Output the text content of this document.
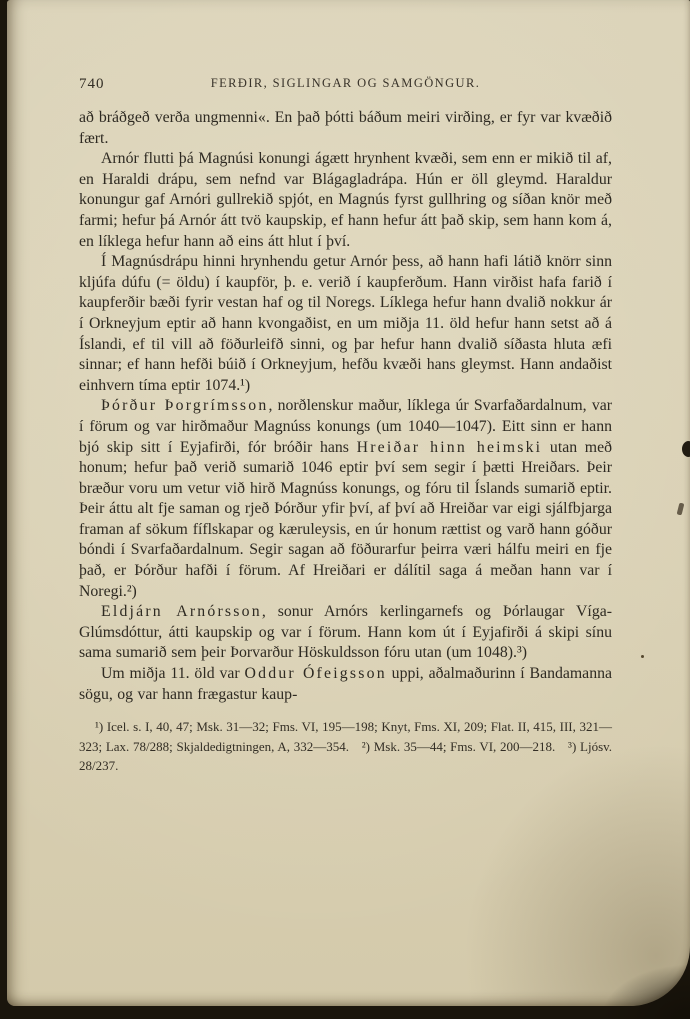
740	FERÐIR, SIGLINGAR OG SAMGÖNGUR.

að bráðgeð verða ungmenni«. En það þótti báðum meiri virðing, er fyr var kvæðið fært.

Arnór flutti þá Magnúsi konungi ágætt hrynhent kvæði, sem enn er mikið til af, en Haraldi drápu, sem nefnd var Blágagladrápa. Hún er öll gleymd. Haraldur konungur gaf Arnóri gullrekið spjót, en Magnús fyrst gullhring og síðan knör með farmi; hefur þá Arnór átt tvö kaupskip, ef hann hefur átt það skip, sem hann kom á, en líklega hefur hann að eins átt hlut í því.

Í Magnúsdrápu hinni hrynhendu getur Arnór þess, að hann hafi látið knörr sinn kljúfa dúfu (= öldu) í kaupför, þ. e. verið í kaupferðum. Hann virðist hafa farið í kaupferðir bæði fyrir vestan haf og til Noregs. Líklega hefur hann dvalið nokkur ár í Orkneyjum eptir að hann kvongaðist, en um miðja 11. öld hefur hann setst að á Íslandi, ef til vill að föðurleifð sinni, og þar hefur hann dvalið síðasta hluta æfi sinnar; ef hann hefði búið í Orkneyjum, hefðu kvæði hans gleymst. Hann andaðist einhvern tíma eptir 1074.¹)

Þórður Þorgrímsson, norðlenskur maður, líklega úr Svarfaðardalnum, var í förum og var hirðmaður Magnúss konungs (um 1040—1047). Eitt sinn er hann bjó skip sitt í Eyjafirði, fór bróðir hans Hreiðar hinn heimski utan með honum; hefur það verið sumarið 1046 eptir því sem segir í þætti Hreiðars. Þeir bræður voru um vetur við hirð Magnúss konungs, og fóru til Íslands sumarið eptir. Þeir áttu alt fje saman og rjeð Þórður yfir því, af því að Hreiðar var eigi sjálfbjarga framan af sökum fíflskapar og kæruleysis, en úr honum rættist og varð hann góður bóndi í Svarfaðardalnum. Segir sagan að föðurarfur þeirra væri hálfu meiri en fje það, er Þórður hafði í förum. Af Hreiðari er dálítil saga á meðan hann var í Noregi.²)

Eldjárn Arnórsson, sonur Arnórs kerlingarnefs og Þórlaugar Víga-Glúmsdóttur, átti kaupskip og var í förum. Hann kom út í Eyjafirði á skipi sínu sama sumarið sem þeir Þorvarður Höskuldsson fóru utan (um 1048).³)

Um miðja 11. öld var Oddur Ófeigsson uppi, aðalmaðurinn í Bandamanna sögu, og var hann frægastur kaup-

¹) Icel. s. I, 40, 47; Msk. 31—32; Fms. VI, 195—198; Knyt, Fms. XI, 209; Flat. II, 415, III, 321—323; Lax. 78/288; Skjaldedigtningen, A, 332—354. ²) Msk. 35—44; Fms. VI, 200—218. ³) Ljósv. 28/237.
